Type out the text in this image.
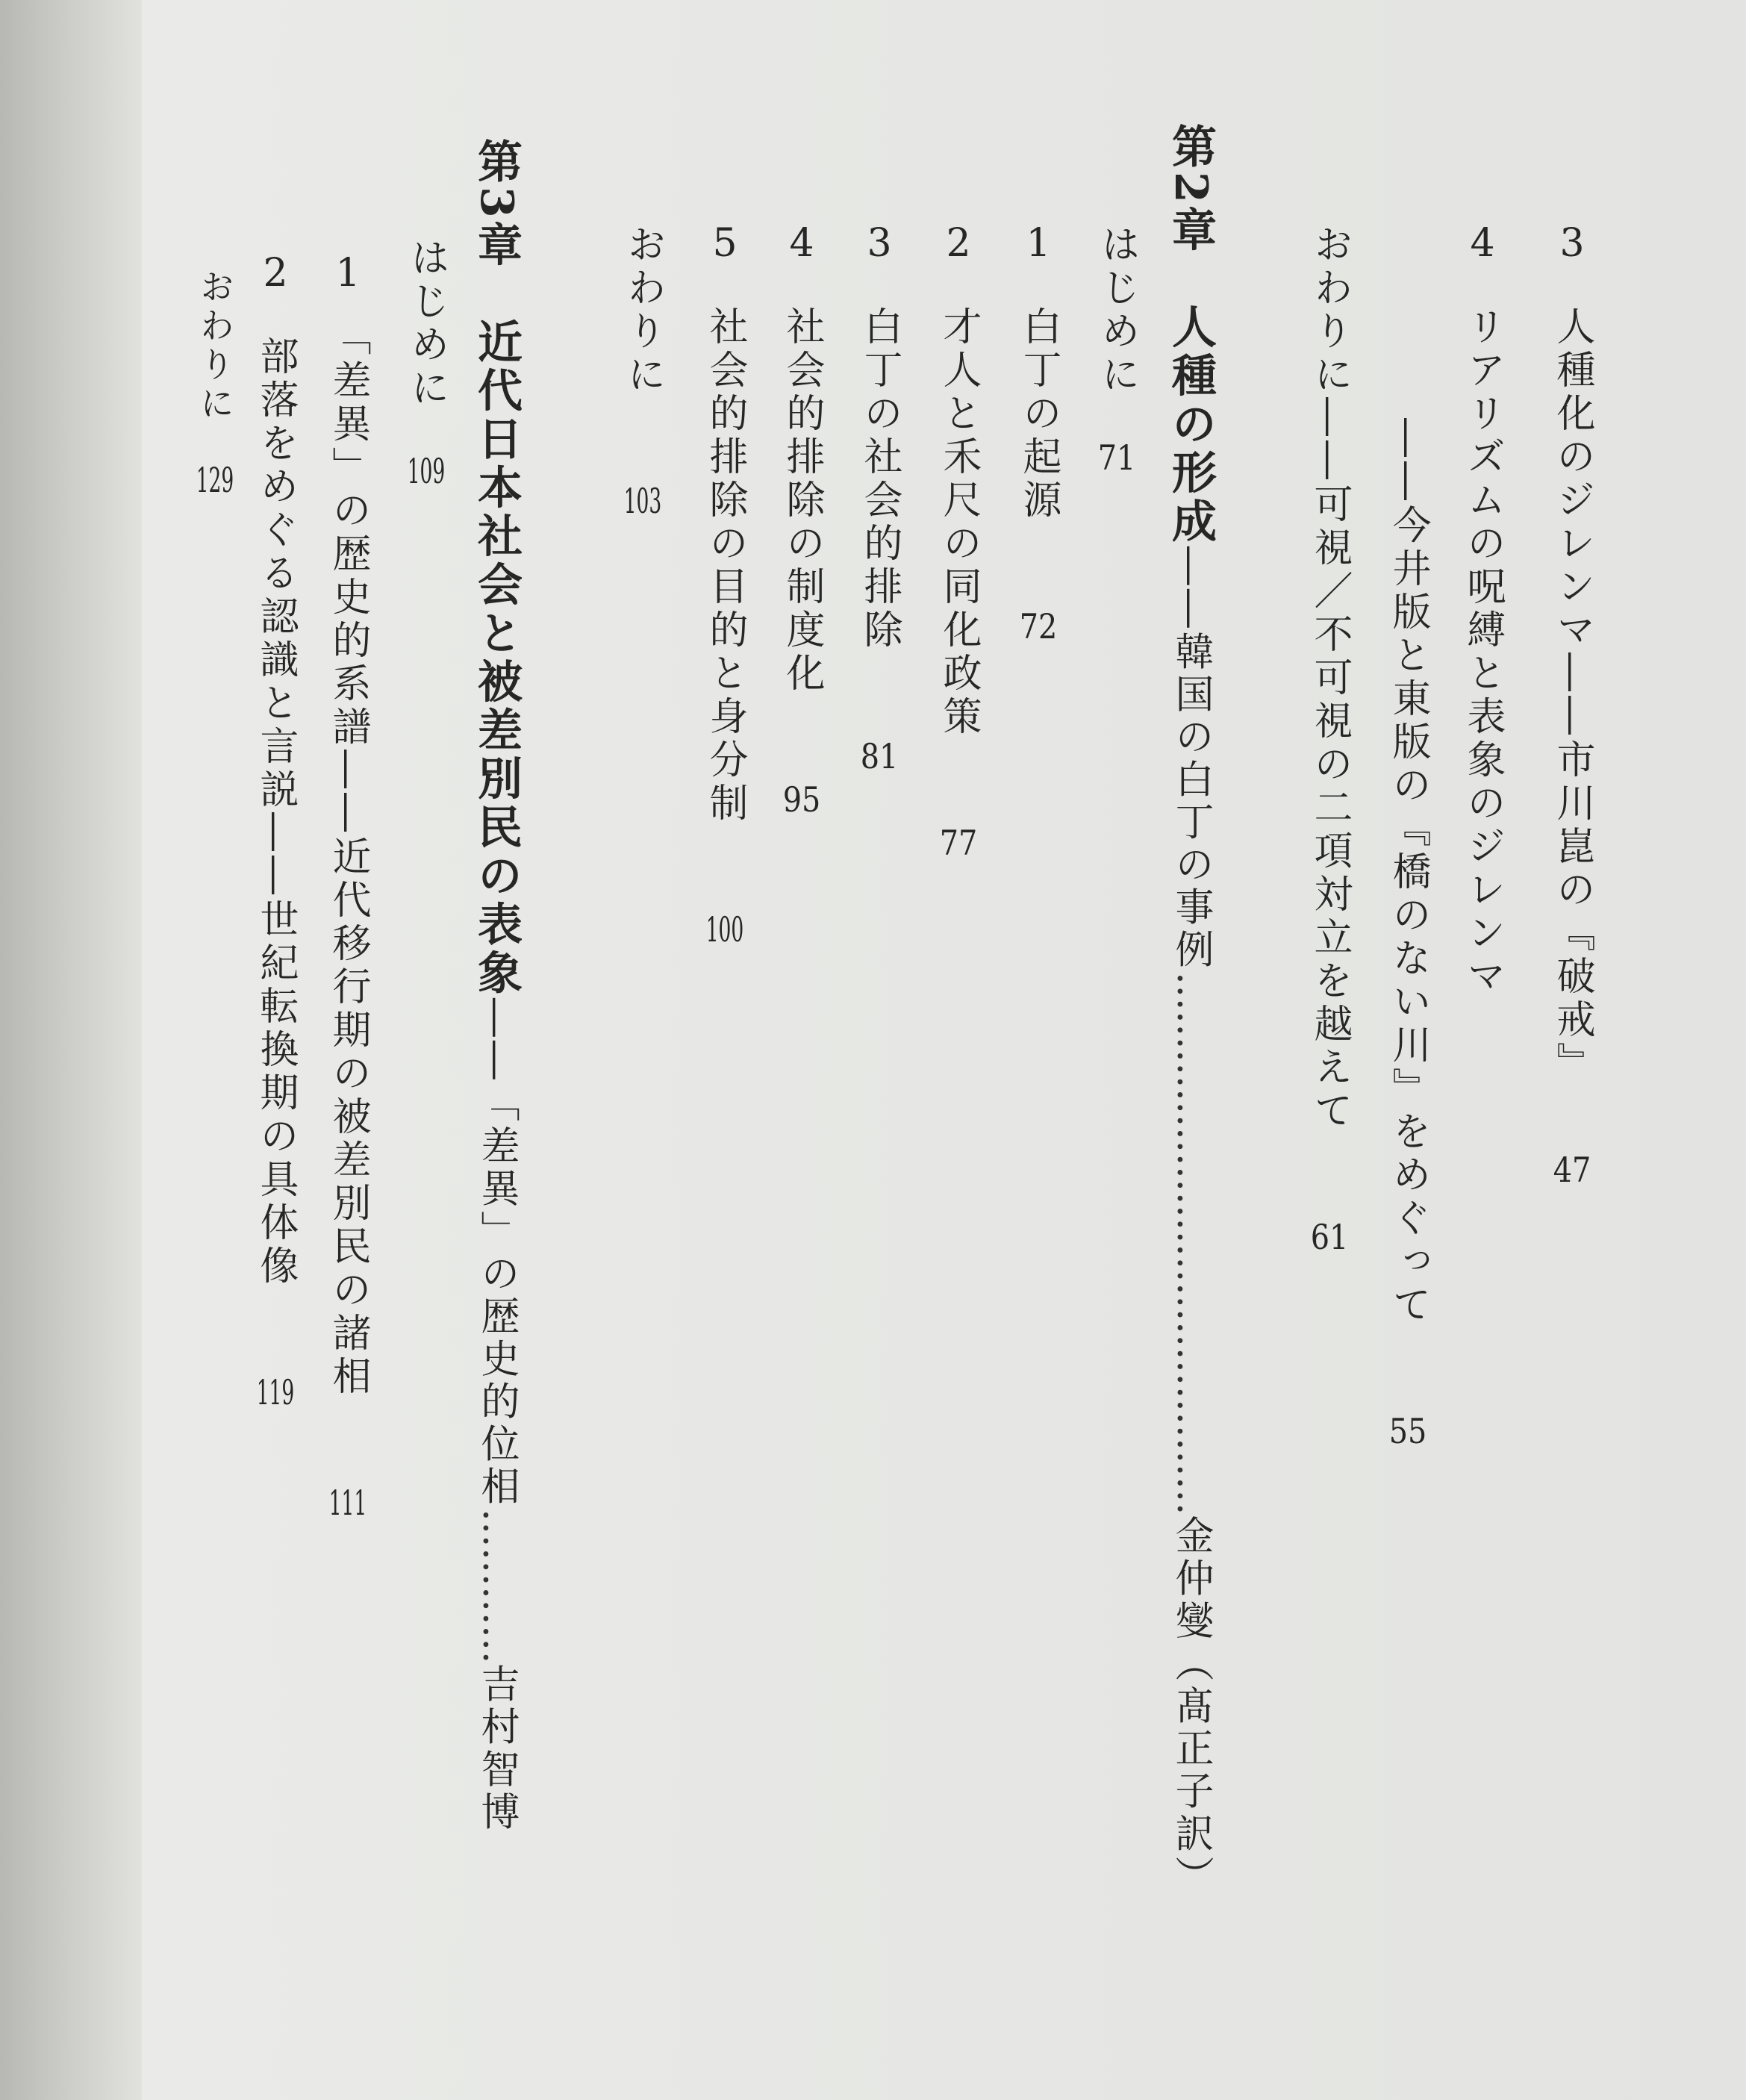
3　人種化のジレンマ――市川崑の『破戒』　　47
4　リアリズムの呪縛と表象のジレンマ
――今井版と東版の『橋のない川』をめぐって　　55
おわりに――可視／不可視の二項対立を越えて　　61
第2章　人種の形成――韓国の白丁の事例……………………………………金仲燮（髙正子訳）
はじめに　71
1　白丁の起源　　72
2　才人と禾尺の同化政策　　77
3　白丁の社会的排除　　81
4　社会的排除の制度化　　95
5　社会的排除の目的と身分制　　100
おわりに　　103
第3章　近代日本社会と被差別民の表象――「差異」の歴史的位相…………吉村智博
はじめに　109
1　「差異」の歴史的系譜――近代移行期の被差別民の諸相　　111
2　部落をめぐる認識と言説――世紀転換期の具体像　　119
おわりに　129
